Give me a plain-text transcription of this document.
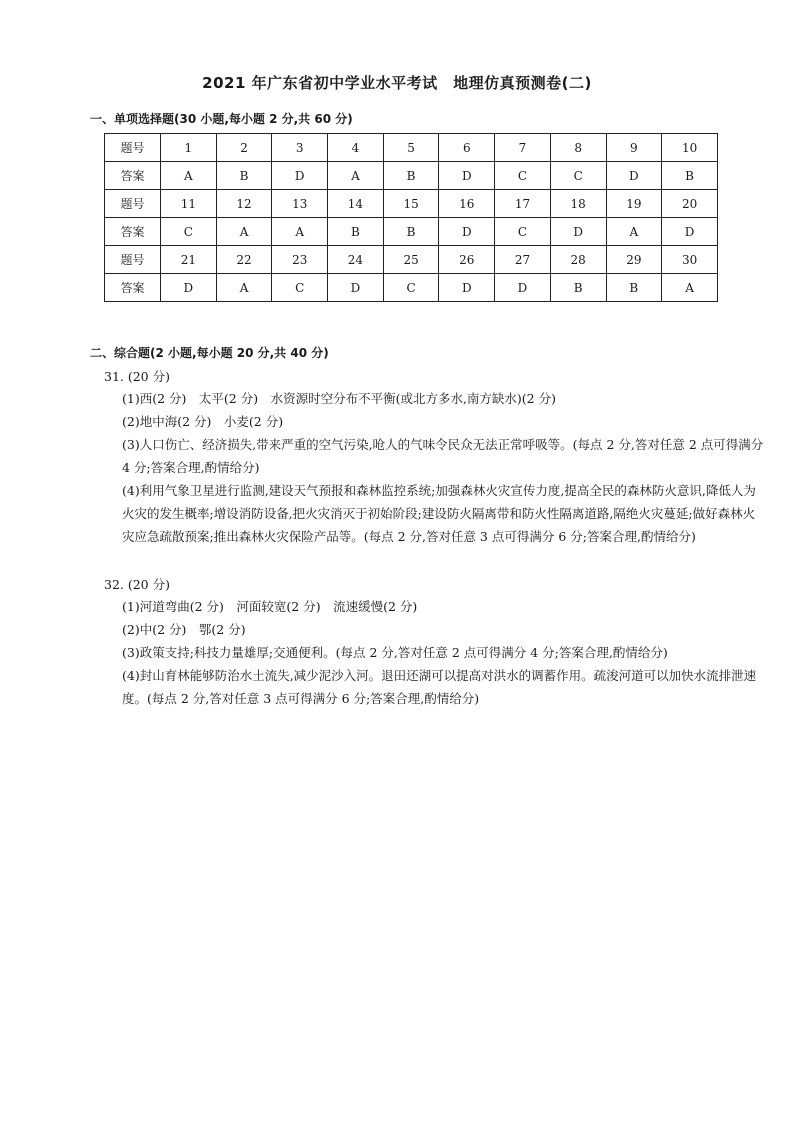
2021 年广东省初中学业水平考试　地理仿真预测卷(二)
一、单项选择题(30 小题,每小题 2 分,共 60 分)
题号	1	2	3	4	5	6	7	8	9	10
答案	A	B	D	A	B	D	C	C	D	B
题号	11	12	13	14	15	16	17	18	19	20
答案	C	A	A	B	B	D	C	D	A	D
题号	21	22	23	24	25	26	27	28	29	30
答案	D	A	C	D	C	D	D	B	B	A
二、综合题(2 小题,每小题 20 分,共 40 分)
31. (20 分)
(1)西(2 分)　太平(2 分)　水资源时空分布不平衡(或北方多水,南方缺水)(2 分)
(2)地中海(2 分)　小麦(2 分)
(3)人口伤亡、经济损失,带来严重的空气污染,呛人的气味令民众无法正常呼吸等。(每点 2 分,答对任意 2 点可得满分 4 分;答案合理,酌情给分)
(4)利用气象卫星进行监测,建设天气预报和森林监控系统;加强森林火灾宣传力度,提高全民的森林防火意识,降低人为火灾的发生概率;增设消防设备,把火灾消灭于初始阶段;建设防火隔离带和防火性隔离道路,隔绝火灾蔓延;做好森林火灾应急疏散预案;推出森林火灾保险产品等。(每点 2 分,答对任意 3 点可得满分 6 分;答案合理,酌情给分)
32. (20 分)
(1)河道弯曲(2 分)　河面较宽(2 分)　流速缓慢(2 分)
(2)中(2 分)　鄂(2 分)
(3)政策支持;科技力量雄厚;交通便利。(每点 2 分,答对任意 2 点可得满分 4 分;答案合理,酌情给分)
(4)封山育林能够防治水土流失,减少泥沙入河。退田还湖可以提高对洪水的调蓄作用。疏浚河道可以加快水流排泄速度。(每点 2 分,答对任意 3 点可得满分 6 分;答案合理,酌情给分)
